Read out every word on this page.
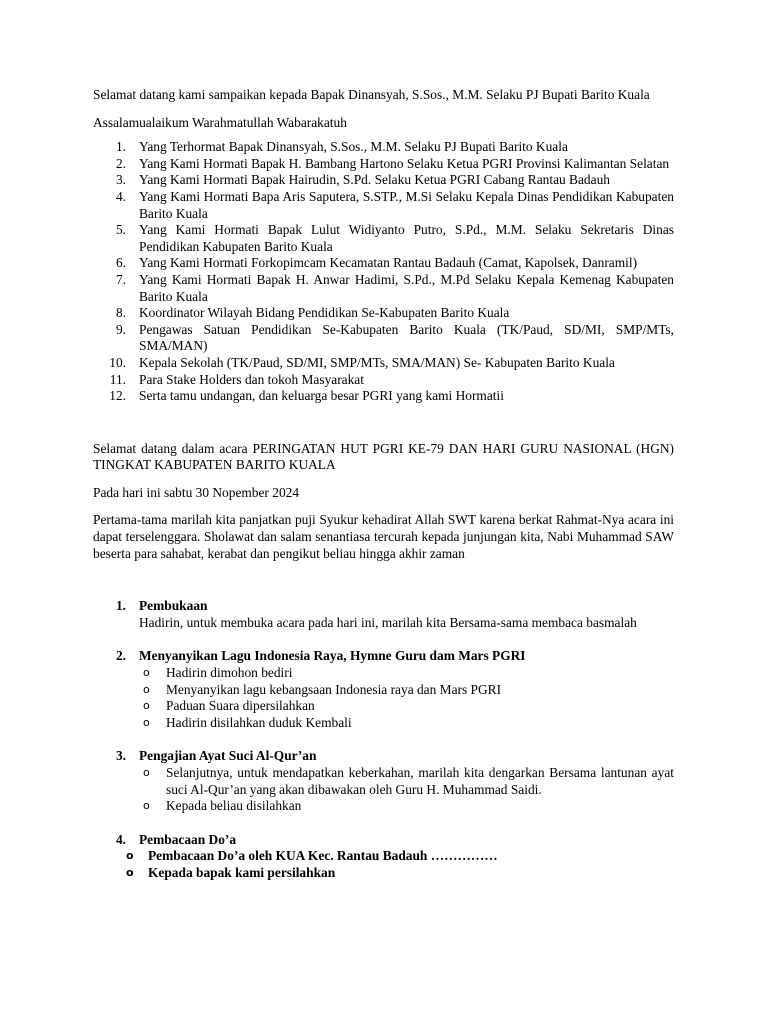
Selamat datang kami sampaikan kepada Bapak Dinansyah, S.Sos., M.M. Selaku PJ Bupati Barito Kuala

Assalamualaikum Warahmatullah Wabarakatuh

1. Yang Terhormat Bapak Dinansyah, S.Sos., M.M. Selaku PJ Bupati Barito Kuala
2. Yang Kami Hormati Bapak H. Bambang Hartono Selaku Ketua PGRI Provinsi Kalimantan Selatan
3. Yang Kami Hormati Bapak Hairudin, S.Pd. Selaku Ketua PGRI Cabang Rantau Badauh
4. Yang Kami Hormati Bapa Aris Saputera, S.STP., M.Si Selaku Kepala Dinas Pendidikan Kabupaten Barito Kuala
5. Yang Kami Hormati Bapak Lulut Widiyanto Putro, S.Pd., M.M. Selaku Sekretaris Dinas Pendidikan Kabupaten Barito Kuala
6. Yang Kami Hormati Forkopimcam Kecamatan Rantau Badauh (Camat, Kapolsek, Danramil)
7. Yang Kami Hormati Bapak H. Anwar Hadimi, S.Pd., M.Pd Selaku Kepala Kemenag Kabupaten Barito Kuala
8. Koordinator Wilayah Bidang Pendidikan Se-Kabupaten Barito Kuala
9. Pengawas Satuan Pendidikan Se-Kabupaten Barito Kuala (TK/Paud, SD/MI, SMP/MTs, SMA/MAN)
10. Kepala Sekolah (TK/Paud, SD/MI, SMP/MTs, SMA/MAN) Se- Kabupaten Barito Kuala
11. Para Stake Holders dan tokoh Masyarakat
12. Serta tamu undangan, dan keluarga besar PGRI yang kami Hormatii

Selamat datang dalam acara PERINGATAN HUT PGRI KE-79 DAN HARI GURU NASIONAL (HGN) TINGKAT KABUPATEN BARITO KUALA

Pada hari ini sabtu 30 Nopember 2024

Pertama-tama marilah kita panjatkan puji Syukur kehadirat Allah SWT karena berkat Rahmat-Nya acara ini dapat terselenggara. Sholawat dan salam senantiasa tercurah kepada junjungan kita, Nabi Muhammad SAW beserta para sahabat, kerabat dan pengikut beliau hingga akhir zaman

1. Pembukaan
Hadirin, untuk membuka acara pada hari ini, marilah kita Bersama-sama membaca basmalah
2. Menyanyikan Lagu Indonesia Raya, Hymne Guru dam Mars PGRI
o Hadirin dimohon bediri
o Menyanyikan lagu kebangsaan Indonesia raya dan Mars PGRI
o Paduan Suara dipersilahkan
o Hadirin disilahkan duduk Kembali
3. Pengajian Ayat Suci Al-Qur’an
o Selanjutnya, untuk mendapatkan keberkahan, marilah kita dengarkan Bersama lantunan ayat suci Al-Qur’an yang akan dibawakan oleh Guru H. Muhammad Saidi.
o Kepada beliau disilahkan
4. Pembacaan Do’a
o Pembacaan Do’a oleh KUA Kec. Rantau Badauh ……………
o Kepada bapak kami persilahkan
